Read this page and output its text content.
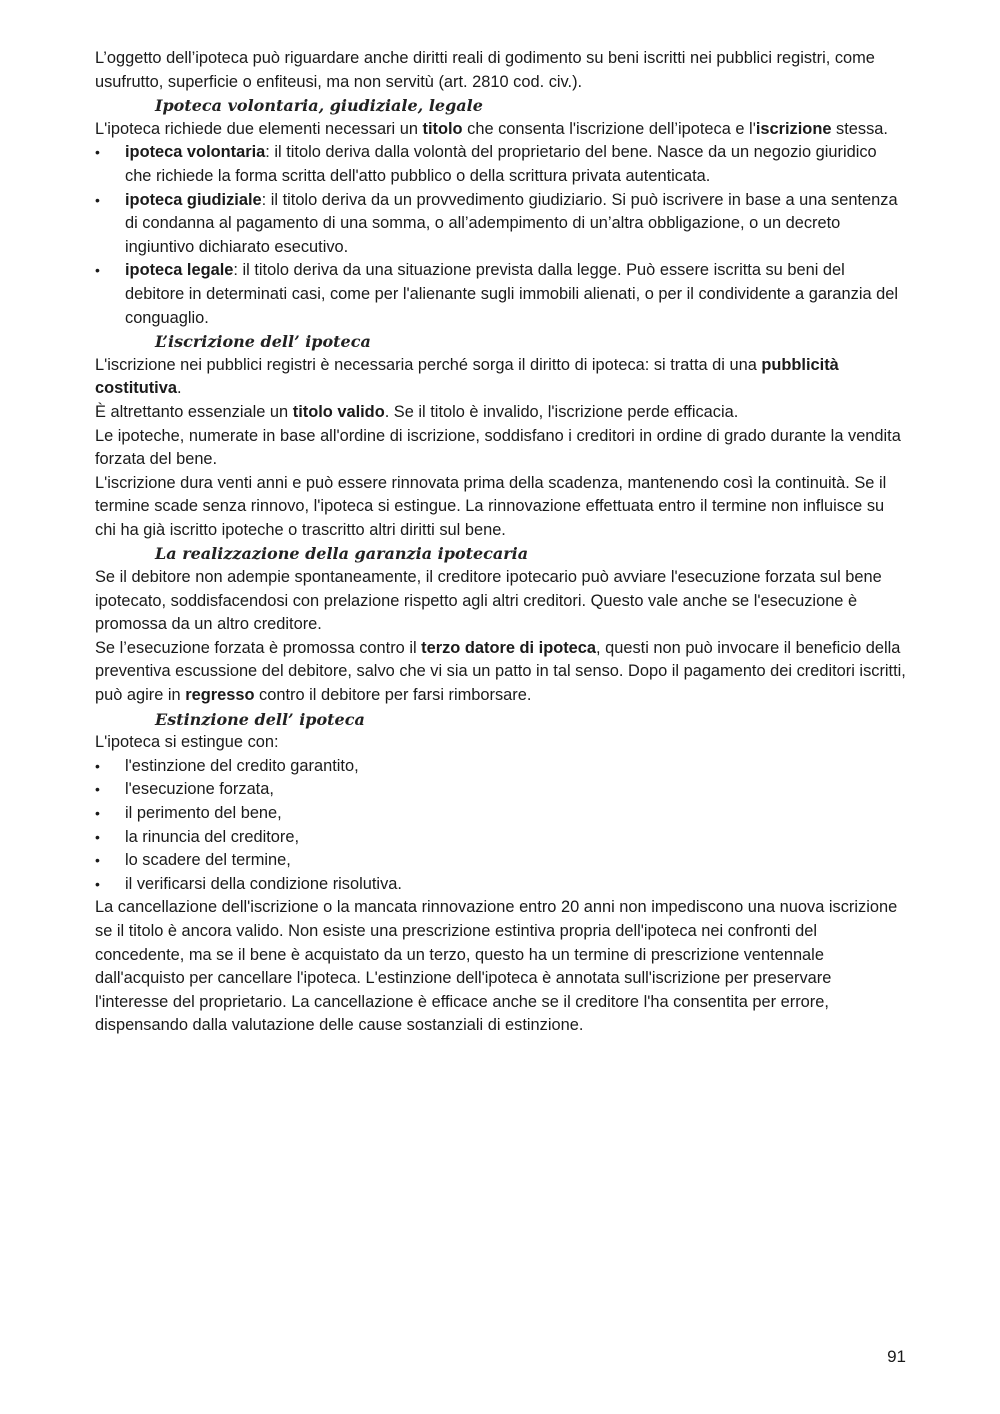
L’oggetto dell’ipoteca può riguardare anche diritti reali di godimento su beni iscritti nei pubblici registri, come usufrutto, superficie o enfiteusi, ma non servitù (art. 2810 cod. civ.).

Ipoteca volontaria, giudiziale, legale

L'ipoteca richiede due elementi necessari un titolo che consenta l'iscrizione dell’ipoteca e l'iscrizione stessa.

•	ipoteca volontaria: il titolo deriva dalla volontà del proprietario del bene. Nasce da un negozio giuridico che richiede la forma scritta dell'atto pubblico o della scrittura privata autenticata.
•	ipoteca giudiziale: il titolo deriva da un provvedimento giudiziario. Si può iscrivere in base a una sentenza di condanna al pagamento di una somma, o all’adempimento di un’altra obbligazione, o un decreto ingiuntivo dichiarato esecutivo.
•	ipoteca legale: il titolo deriva da una situazione prevista dalla legge. Può essere iscritta su beni del debitore in determinati casi, come per l'alienante sugli immobili alienati, o per il condividente a garanzia del conguaglio.

L’iscrizione dell’ ipoteca

L'iscrizione nei pubblici registri è necessaria perché sorga il diritto di ipoteca: si tratta di una pubblicità costitutiva.

È altrettanto essenziale un titolo valido. Se il titolo è invalido, l'iscrizione perde efficacia.

Le ipoteche, numerate in base all'ordine di iscrizione, soddisfano i creditori in ordine di grado durante la vendita forzata del bene.

L'iscrizione dura venti anni e può essere rinnovata prima della scadenza, mantenendo così la continuità. Se il termine scade senza rinnovo, l'ipoteca si estingue. La rinnovazione effettuata entro il termine non influisce su chi ha già iscritto ipoteche o trascritto altri diritti sul bene.

La realizzazione della garanzia ipotecaria

Se il debitore non adempie spontaneamente, il creditore ipotecario può avviare l'esecuzione forzata sul bene ipotecato, soddisfacendosi con prelazione rispetto agli altri creditori. Questo vale anche se l'esecuzione è promossa da un altro creditore.

Se l’esecuzione forzata è promossa contro il terzo datore di ipoteca, questi non può invocare il beneficio della preventiva escussione del debitore, salvo che vi sia un patto in tal senso. Dopo il pagamento dei creditori iscritti, può agire in regresso contro il debitore per farsi rimborsare.

Estinzione dell’ ipoteca

L'ipoteca si estingue con:

•	l'estinzione del credito garantito,
•	l'esecuzione forzata,
•	il perimento del bene,
•	la rinuncia del creditore,
•	lo scadere del termine,
•	il verificarsi della condizione risolutiva.

La cancellazione dell'iscrizione o la mancata rinnovazione entro 20 anni non impediscono una nuova iscrizione se il titolo è ancora valido. Non esiste una prescrizione estintiva propria dell'ipoteca nei confronti del concedente, ma se il bene è acquistato da un terzo, questo ha un termine di prescrizione ventennale dall'acquisto per cancellare l'ipoteca. L'estinzione dell'ipoteca è annotata sull'iscrizione per preservare l'interesse del proprietario. La cancellazione è efficace anche se il creditore l'ha consentita per errore, dispensando dalla valutazione delle cause sostanziali di estinzione.

91
